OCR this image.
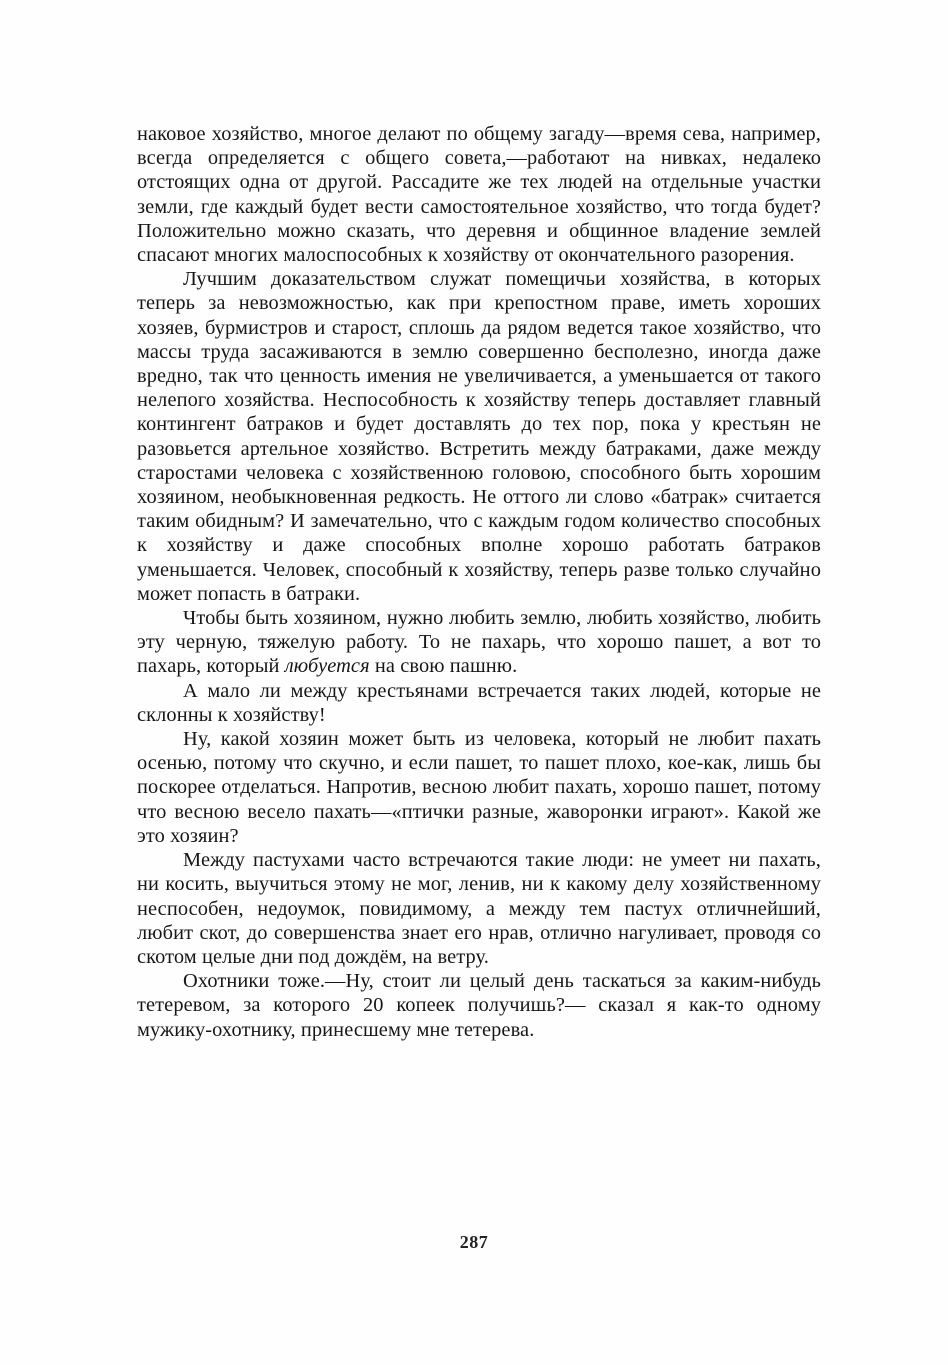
наковое хозяйство, многое делают по общему загаду—время сева, например, всегда определяется с общего совета,—работают на нивках, недалеко отстоящих одна от другой. Рассадите же тех людей на отдельные участки земли, где каждый будет вести самостоятельное хозяйство, что тогда будет? Положительно можно сказать, что деревня и общинное владение землей спасают многих малоспособных к хозяйству от окончательного разорения.

Лучшим доказательством служат помещичьи хозяйства, в которых теперь за невозможностью, как при крепостном праве, иметь хороших хозяев, бурмистров и старост, сплошь да рядом ведется такое хозяйство, что массы труда засаживаются в землю совершенно бесполезно, иногда даже вредно, так что ценность имения не увеличивается, а уменьшается от такого нелепого хозяйства. Неспособность к хозяйству теперь доставляет главный контингент батраков и будет доставлять до тех пор, пока у крестьян не разовьется артельное хозяйство. Встретить между батраками, даже между старостами человека с хозяйственною головою, способного быть хорошим хозяином, необыкновенная редкость. Не оттого ли слово «батрак» считается таким обидным? И замечательно, что с каждым годом количество способных к хозяйству и даже способных вполне хорошо работать батраков уменьшается. Человек, способный к хозяйству, теперь разве только случайно может попасть в батраки.

Чтобы быть хозяином, нужно любить землю, любить хозяйство, любить эту черную, тяжелую работу. То не пахарь, что хорошо пашет, а вот то пахарь, который любуется на свою пашню.

А мало ли между крестьянами встречается таких людей, которые не склонны к хозяйству!

Ну, какой хозяин может быть из человека, который не любит пахать осенью, потому что скучно, и если пашет, то пашет плохо, кое-как, лишь бы поскорее отделаться. Напротив, весною любит пахать, хорошо пашет, потому что весною весело пахать—«птички разные, жаворонки играют». Какой же это хозяин?

Между пастухами часто встречаются такие люди: не умеет ни пахать, ни косить, выучиться этому не мог, ленив, ни к какому делу хозяйственному неспособен, недоумок, повидимому, а между тем пастух отличнейший, любит скот, до совершенства знает его нрав, отлично нагуливает, проводя со скотом целые дни под дождём, на ветру.

Охотники тоже.—Ну, стоит ли целый день таскаться за каким-нибудь тетеревом, за которого 20 копеек получишь?— сказал я как-то одному мужику-охотнику, принесшему мне тетерева.

287
